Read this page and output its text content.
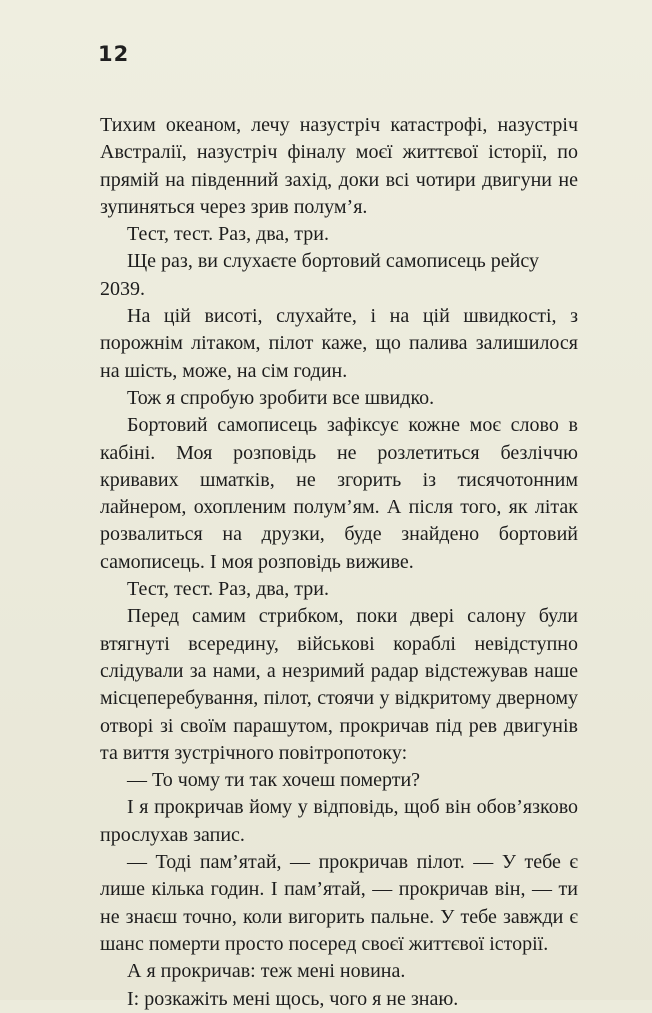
12

Тихим океаном, лечу назустріч катастрофі, назустріч Австралії, назустріч фіналу моєї життєвої історії, по прямій на південний захід, доки всі чотири двигуни не зупиняться через зрив полум’я.

Тест, тест. Раз, два, три.

Ще раз, ви слухаєте бортовий самописець рейсу 2039.

На цій висоті, слухайте, і на цій швидкості, з порожнім літаком, пілот каже, що палива залишилося на шість, може, на сім годин.

Тож я спробую зробити все швидко.

Бортовий самописець зафіксує кожне моє слово в кабіні. Моя розповідь не розлетиться безліччю кривавих шматків, не згорить із тисячотонним лайнером, охопленим полум’ям. А після того, як літак розвалиться на друзки, буде знайдено бортовий самописець. І моя розповідь виживе.

Тест, тест. Раз, два, три.

Перед самим стрибком, поки двері салону були втягнуті всередину, військові кораблі невідступно слідували за нами, а незримий радар відстежував наше місцеперебування, пілот, стоячи у відкритому дверному отворі зі своїм парашутом, прокричав під рев двигунів та виття зустрічного повітропотоку:

— То чому ти так хочеш померти?

І я прокричав йому у відповідь, щоб він обов’язково прослухав запис.

— Тоді пам’ятай, — прокричав пілот. — У тебе є лише кілька годин. І пам’ятай, — прокричав він, — ти не знаєш точно, коли вигорить пальне. У тебе завжди є шанс померти просто посеред своєї життєвої історії.

А я прокричав: теж мені новина.

І: розкажіть мені щось, чого я не знаю.
